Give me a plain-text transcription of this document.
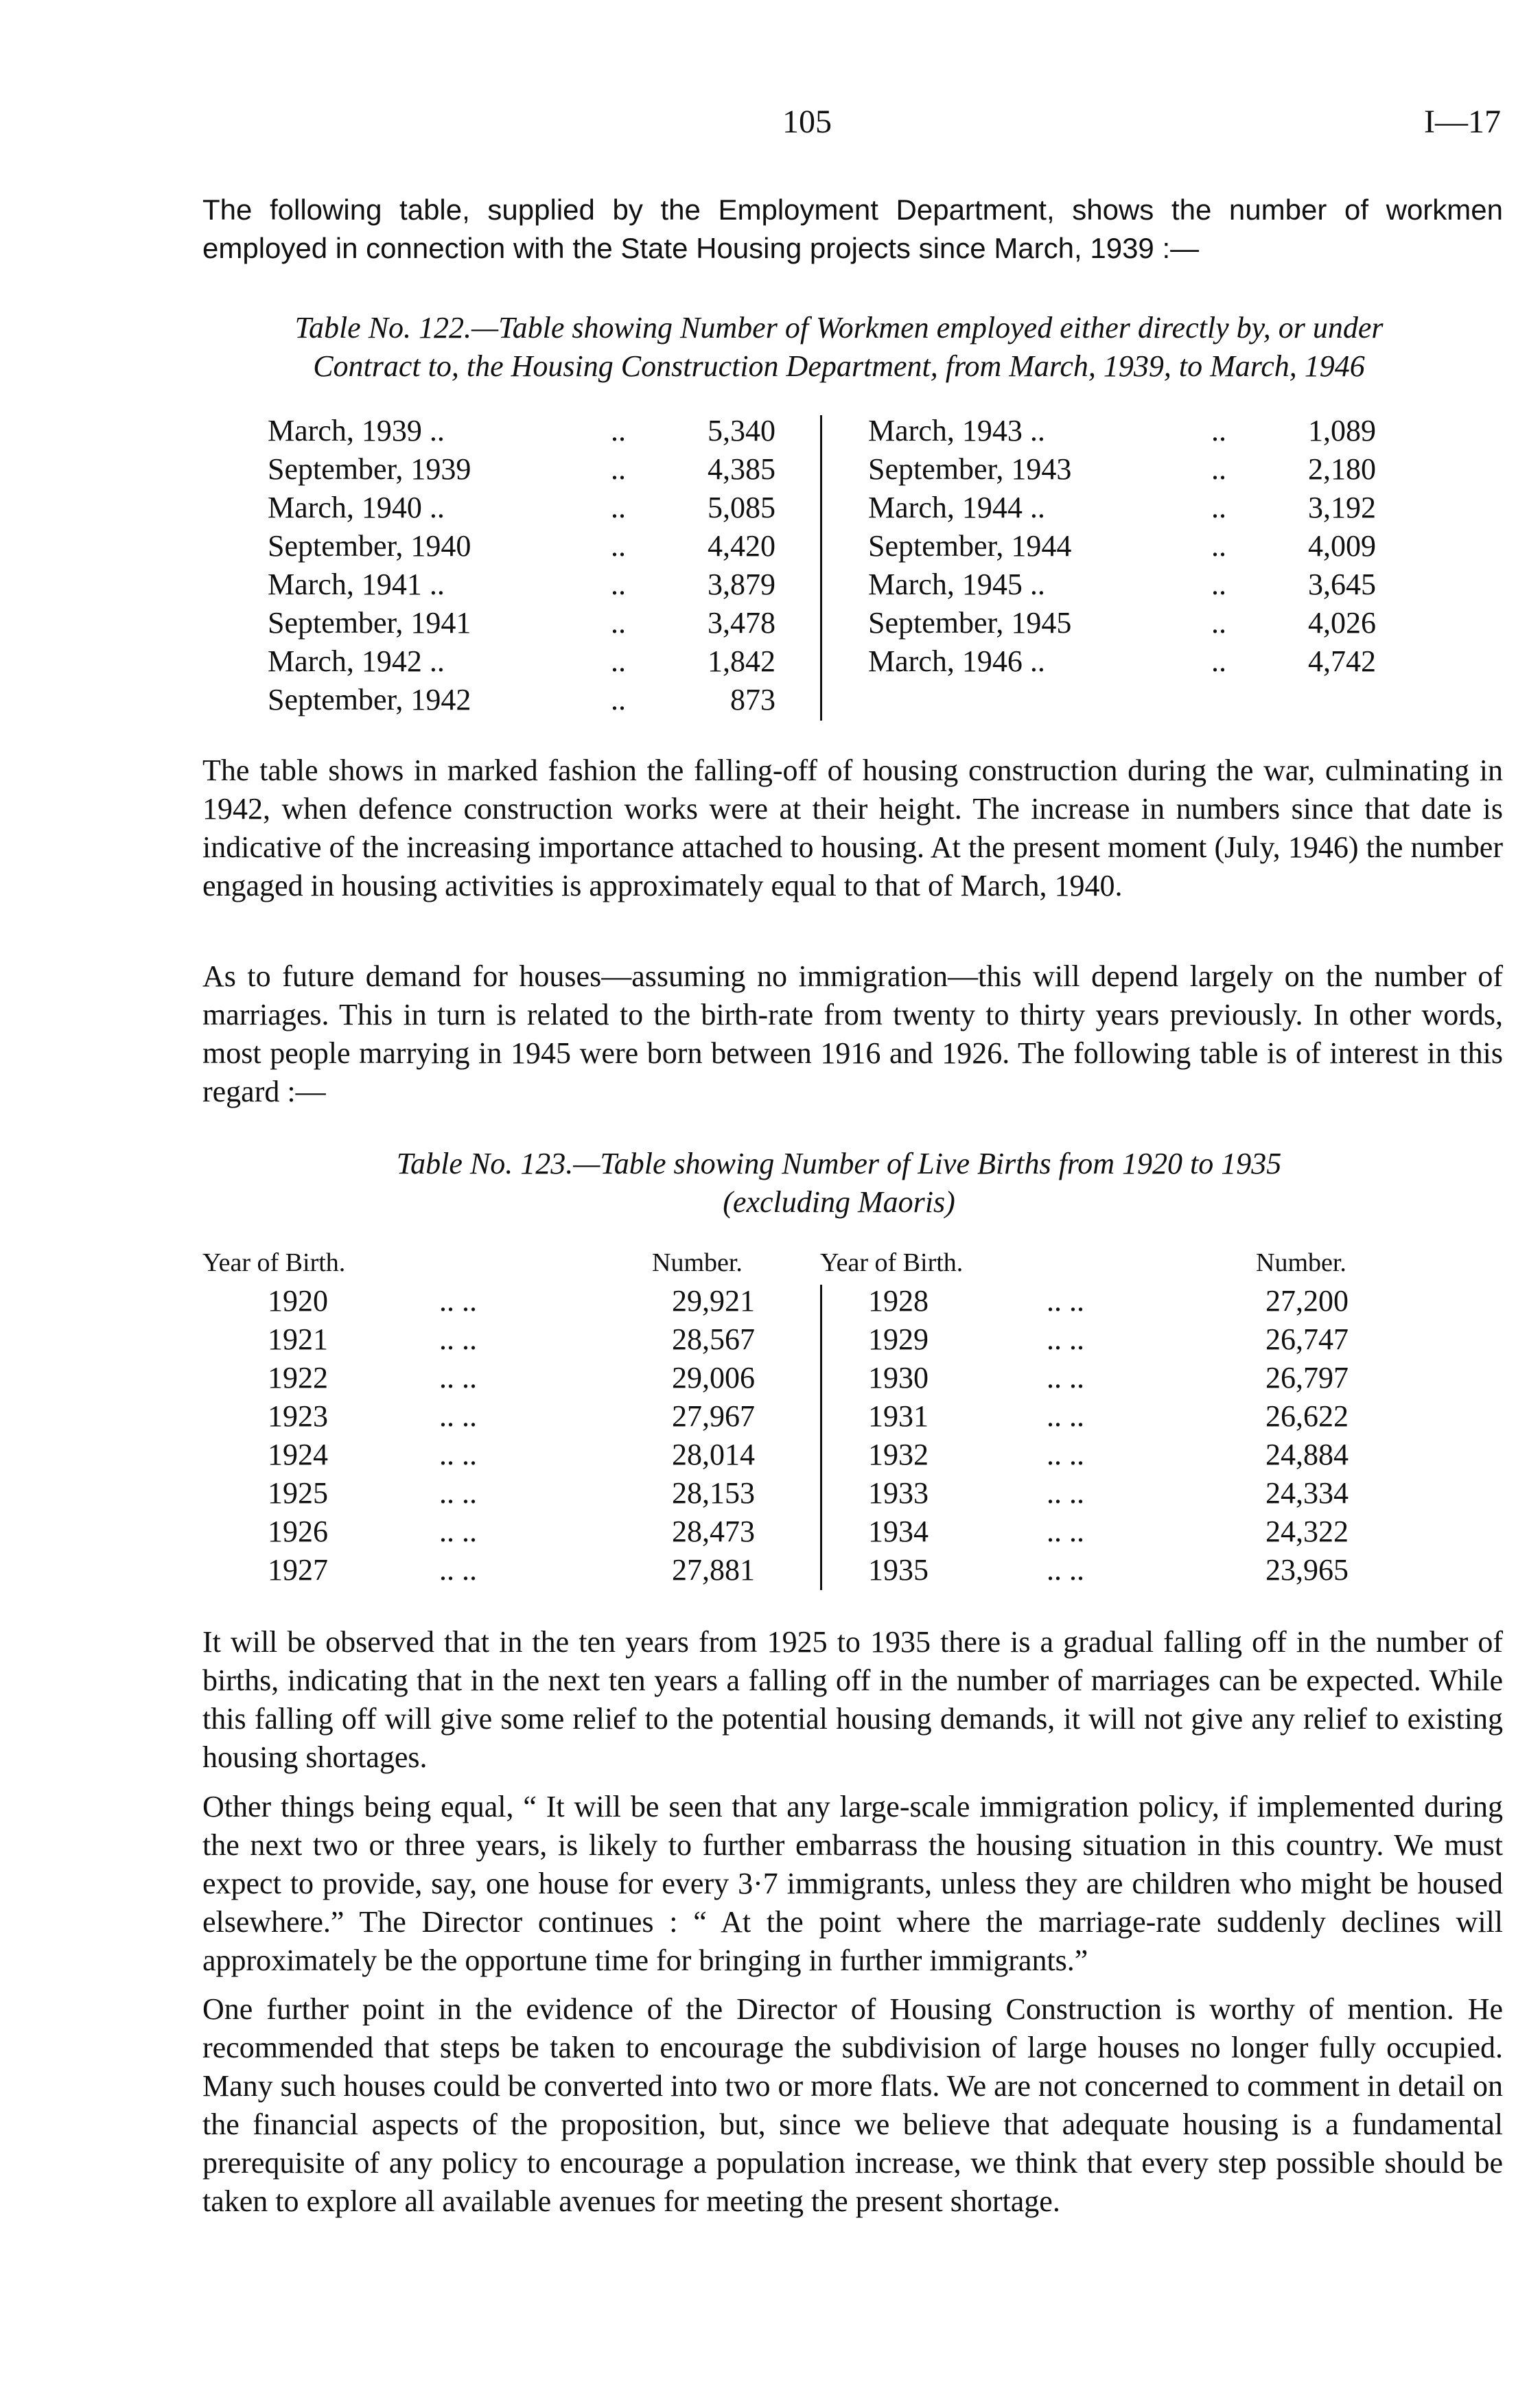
105	I—17
The following table, supplied by the Employment Department, shows the number of workmen employed in connection with the State Housing projects since March, 1939 :—
Table No. 122.—Table showing Number of Workmen employed either directly by, or under
Contract to, the Housing Construction Department, from March, 1939, to March, 1946
March, 1939 ..	..	5,340
September, 1939	..	4,385
March, 1940 ..	..	5,085
September, 1940	..	4,420
March, 1941 ..	..	3,879
September, 1941	..	3,478
March, 1942 ..	..	1,842
September, 1942	..	873
March, 1943 ..	..	1,089
September, 1943	..	2,180
March, 1944 ..	..	3,192
September, 1944	..	4,009
March, 1945 ..	..	3,645
September, 1945	..	4,026
March, 1946 ..	..	4,742
The table shows in marked fashion the falling-off of housing construction during the war, culminating in 1942, when defence construction works were at their height. The increase in numbers since that date is indicative of the increasing importance attached to housing. At the present moment (July, 1946) the number engaged in housing activities is approximately equal to that of March, 1940.
As to future demand for houses—assuming no immigration—this will depend largely on the number of marriages. This in turn is related to the birth-rate from twenty to thirty years previously. In other words, most people marrying in 1945 were born between 1916 and 1926. The following table is of interest in this regard :—
Table No. 123.—Table showing Number of Live Births from 1920 to 1935
(excluding Maoris)
Year of Birth.	Number.	Year of Birth.	Number.
1920	.. ..	29,921
1921	.. ..	28,567
1922	.. ..	29,006
1923	.. ..	27,967
1924	.. ..	28,014
1925	.. ..	28,153
1926	.. ..	28,473
1927	.. ..	27,881
1928	.. ..	27,200
1929	.. ..	26,747
1930	.. ..	26,797
1931	.. ..	26,622
1932	.. ..	24,884
1933	.. ..	24,334
1934	.. ..	24,322
1935	.. ..	23,965
It will be observed that in the ten years from 1925 to 1935 there is a gradual falling off in the number of births, indicating that in the next ten years a falling off in the number of marriages can be expected. While this falling off will give some relief to the potential housing demands, it will not give any relief to existing housing shortages.
Other things being equal, “ It will be seen that any large-scale immigration policy, if implemented during the next two or three years, is likely to further embarrass the housing situation in this country. We must expect to provide, say, one house for every 3·7 immigrants, unless they are children who might be housed elsewhere.” The Director continues : “ At the point where the marriage-rate suddenly declines will approximately be the opportune time for bringing in further immigrants.”
One further point in the evidence of the Director of Housing Construction is worthy of mention. He recommended that steps be taken to encourage the subdivision of large houses no longer fully occupied. Many such houses could be converted into two or more flats. We are not concerned to comment in detail on the financial aspects of the proposition, but, since we believe that adequate housing is a fundamental prerequisite of any policy to encourage a population increase, we think that every step possible should be taken to explore all available avenues for meeting the present shortage.
